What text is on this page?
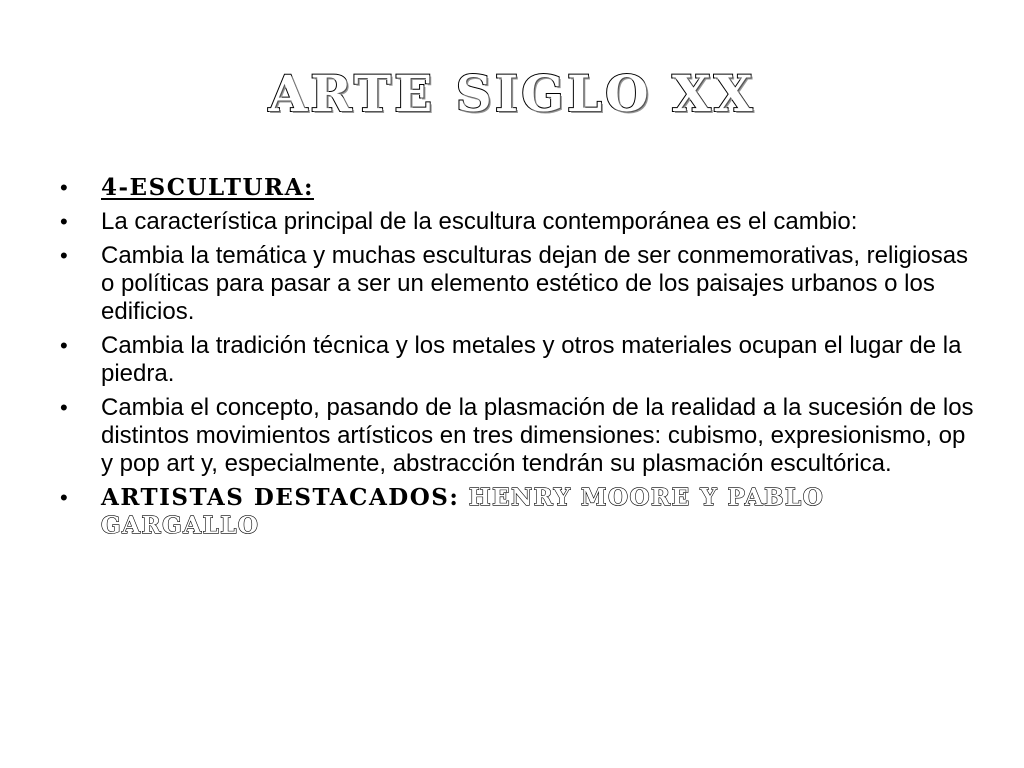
ARTE SIGLO XX
•	4-ESCULTURA:
•	La característica principal de la escultura contemporánea es el cambio:
•	Cambia la temática y muchas esculturas dejan de ser conmemorativas, religiosas o políticas para pasar a ser un elemento estético de los paisajes urbanos o los edificios.
•	Cambia la tradición técnica y los metales y otros materiales ocupan el lugar de la piedra.
•	Cambia el concepto, pasando de la plasmación de la realidad a la sucesión de los distintos movimientos artísticos en tres dimensiones: cubismo, expresionismo, op y pop art y, especialmente, abstracción tendrán su plasmación escultórica.
•	ARTISTAS DESTACADOS: HENRY MOORE Y PABLO GARGALLO
